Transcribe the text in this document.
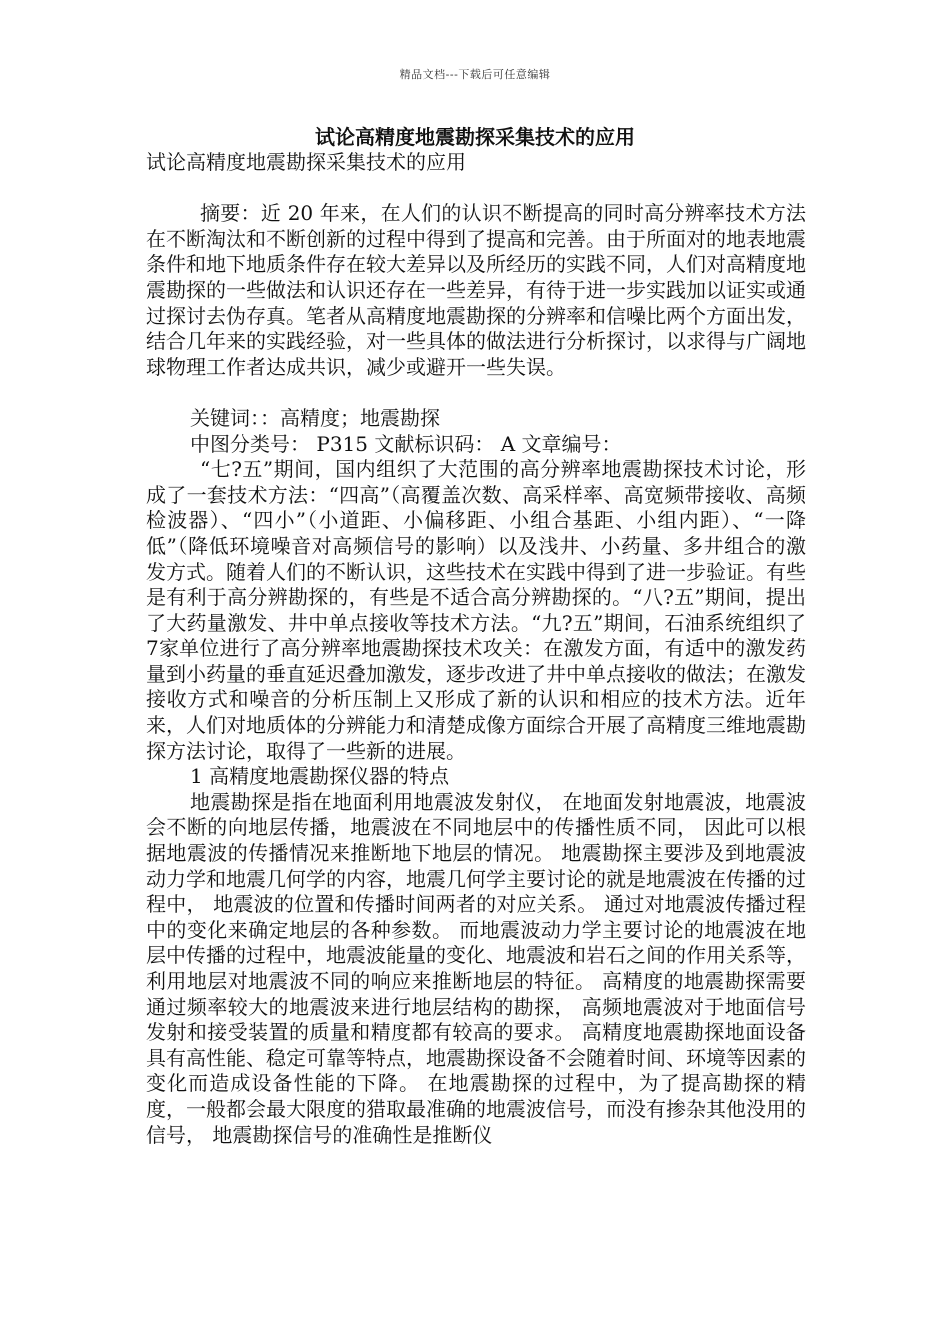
精品文档---下载后可任意编辑
试论高精度地震勘探采集技术的应用

试论高精度地震勘探采集技术的应用

摘要：近 20 年来，在人们的认识不断提高的同时高分辨率技术方法在不断淘汰和不断创新的过程中得到了提高和完善。由于所面对的地表地震条件和地下地质条件存在较大差异以及所经历的实践不同，人们对高精度地震勘探的一些做法和认识还存在一些差异，有待于进一步实践加以证实或通过探讨去伪存真。笔者从高精度地震勘探的分辨率和信噪比两个方面出发，结合几年来的实践经验，对一些具体的做法进行分析探讨，以求得与广阔地球物理工作者达成共识，减少或避开一些失误。

关键词：：高精度；地震勘探

中图分类号： P315 文献标识码： A 文章编号：

“七?五”期间，国内组织了大范围的高分辨率地震勘探技术讨论，形成了一套技术方法：“四高”（高覆盖次数、高采样率、高宽频带接收、高频检波器）、“四小”（小道距、小偏移距、小组合基距、小组内距）、“一降低”（降低环境噪音对高频信号的影响）以及浅井、小药量、多井组合的激发方式。随着人们的不断认识，这些技术在实践中得到了进一步验证。有些是有利于高分辨勘探的，有些是不适合高分辨勘探的。“八?五”期间，提出了大药量激发、井中单点接收等技术方法。“九?五”期间，石油系统组织了7家单位进行了高分辨率地震勘探技术攻关：在激发方面，有适中的激发药量到小药量的垂直延迟叠加激发，逐步改进了井中单点接收的做法；在激发接收方式和噪音的分析压制上又形成了新的认识和相应的技术方法。近年来，人们对地质体的分辨能力和清楚成像方面综合开展了高精度三维地震勘探方法讨论，取得了一些新的进展。

1 高精度地震勘探仪器的特点

地震勘探是指在地面利用地震波发射仪， 在地面发射地震波，地震波会不断的向地层传播，地震波在不同地层中的传播性质不同， 因此可以根据地震波的传播情况来推断地下地层的情况。 地震勘探主要涉及到地震波动力学和地震几何学的内容，地震几何学主要讨论的就是地震波在传播的过程中， 地震波的位置和传播时间两者的对应关系。 通过对地震波传播过程中的变化来确定地层的各种参数。 而地震波动力学主要讨论的地震波在地层中传播的过程中，地震波能量的变化、地震波和岩石之间的作用关系等， 利用地层对地震波不同的响应来推断地层的特征。 高精度的地震勘探需要通过频率较大的地震波来进行地层结构的勘探， 高频地震波对于地面信号发射和接受装置的质量和精度都有较高的要求。 高精度地震勘探地面设备具有高性能、稳定可靠等特点，地震勘探设备不会随着时间、环境等因素的变化而造成设备性能的下降。 在地震勘探的过程中，为了提高勘探的精度，一般都会最大限度的猎取最准确的地震波信号，而没有掺杂其他没用的信号， 地震勘探信号的准确性是推断仪
